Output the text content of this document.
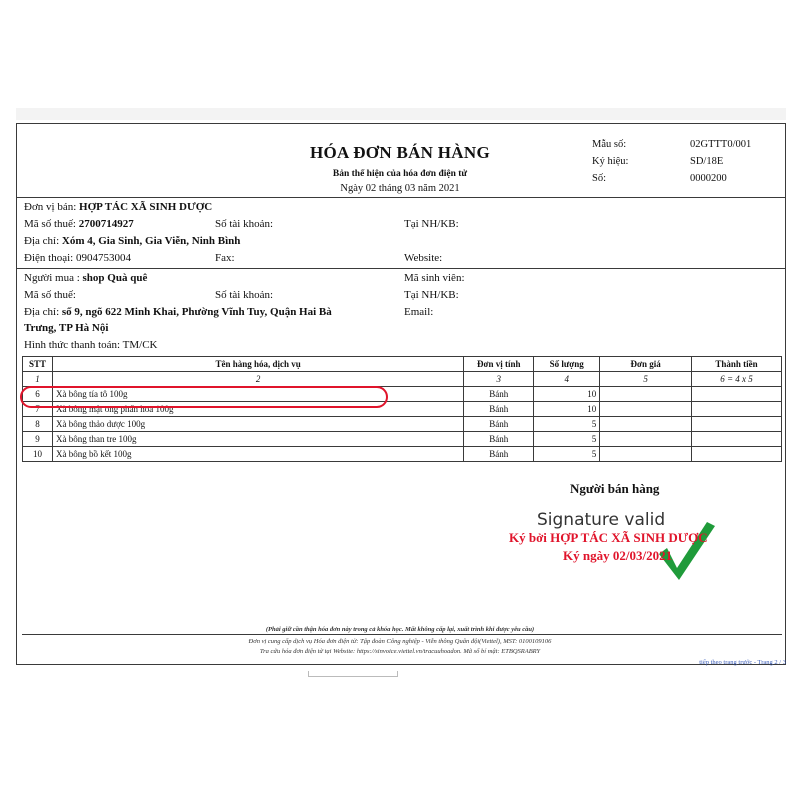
HÓA ĐƠN BÁN HÀNG
Bản thể hiện của hóa đơn điện tử
Ngày 02 tháng 03 năm 2021
Mẫu số:	02GTTT0/001
Ký hiệu:	SD/18E
Số:	0000200
Đơn vị bán: HỢP TÁC XÃ SINH DƯỢC
Mã số thuế: 2700714927	Số tài khoản:	Tại NH/KB:
Địa chỉ: Xóm 4, Gia Sinh, Gia Viễn, Ninh Bình
Điện thoại: 0904753004	Fax:	Website:
Người mua : shop Quà quê	Mã sinh viên:
Mã số thuế:	Số tài khoản:	Tại NH/KB:
Địa chỉ: số 9, ngõ 622 Minh Khai, Phường Vĩnh Tuy, Quận Hai Bà
Trưng, TP Hà Nội
Email:
Hình thức thanh toán: TM/CK
STT	Tên hàng hóa, dịch vụ	Đơn vị tính	Số lượng	Đơn giá	Thành tiền
1	2	3	4	5	6 = 4 x 5
6	Xà bông tía tô 100g	Bánh	10		
7	Xà bông mật ong phấn hoa 100g	Bánh	10		
8	Xà bông thảo dược 100g	Bánh	5		
9	Xà bông than tre 100g	Bánh	5		
10	Xà bông bồ kết 100g	Bánh	5		
Người bán hàng
Signature valid
Ký bởi HỢP TÁC XÃ SINH DƯỢC
Ký ngày 02/03/2021
(Phải giữ cần thận hóa đơn này trong cả khóa học. Mất không cấp lại, xuất trình khi được yêu cầu)
Đơn vị cung cấp dịch vụ Hóa đơn điện tử: Tập đoàn Công nghiệp - Viễn thông Quân đội(Viettel), MST: 0100109106
Tra cứu hóa đơn điện tử tại Website: https://sinvoice.viettel.vn/tracuuhoadon. Mã số bí mật: ETBQSRABRY
tiếp theo trang trước - Trang 2 / 3
